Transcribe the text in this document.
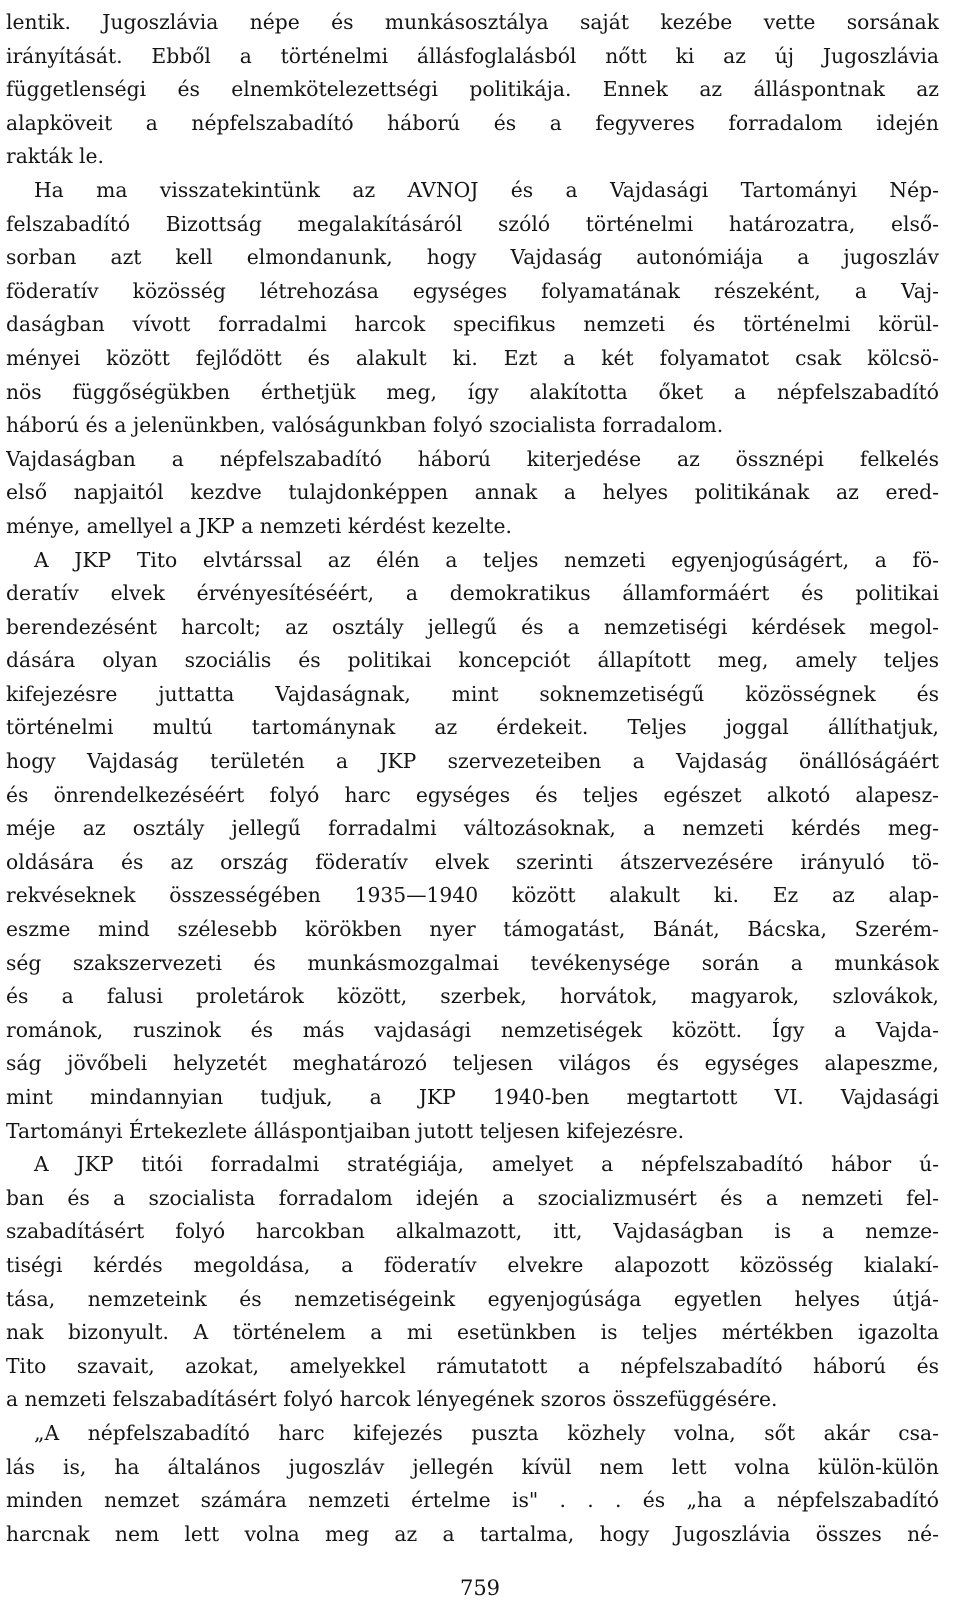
lentik. Jugoszlávia népe és munkásosztálya saját kezébe vette sorsának
irányítását. Ebből a történelmi állásfoglalásból nőtt ki az új Jugoszlávia
függetlenségi és elnemkötelezettségi politikája. Ennek az álláspontnak az
alapköveit a népfelszabadító háború és a fegyveres forradalom idején
rakták le.
Ha ma visszatekintünk az AVNOJ és a Vajdasági Tartományi Nép-
felszabadító Bizottság megalakításáról szóló történelmi határozatra, első-
sorban azt kell elmondanunk, hogy Vajdaság autonómiája a jugoszláv
föderatív közösség létrehozása egységes folyamatának részeként, a Vaj-
daságban vívott forradalmi harcok specifikus nemzeti és történelmi körül-
ményei között fejlődött és alakult ki. Ezt a két folyamatot csak kölcsö-
nös függőségükben érthetjük meg, így alakította őket a népfelszabadító
háború és a jelenünkben, valóságunkban folyó szocialista forradalom.
Vajdaságban a népfelszabadító háború kiterjedése az össznépi felkelés
első napjaitól kezdve tulajdonképpen annak a helyes politikának az ered-
ménye, amellyel a JKP a nemzeti kérdést kezelte.
A JKP Tito elvtárssal az élén a teljes nemzeti egyenjogúságért, a fö-
deratív elvek érvényesítéséért, a demokratikus államformáért és politikai
berendezésént harcolt; az osztály jellegű és a nemzetiségi kérdések megol-
dására olyan szociális és politikai koncepciót állapított meg, amely teljes
kifejezésre juttatta Vajdaságnak, mint soknemzetiségű közösségnek és
történelmi multú tartománynak az érdekeit. Teljes joggal állíthatjuk,
hogy Vajdaság területén a JKP szervezeteiben a Vajdaság önállóságáért
és önrendelkezéséért folyó harc egységes és teljes egészet alkotó alapesz-
méje az osztály jellegű forradalmi változásoknak, a nemzeti kérdés meg-
oldására és az ország föderatív elvek szerinti átszervezésére irányuló tö-
rekvéseknek összességében 1935—1940 között alakult ki. Ez az alap-
eszme mind szélesebb körökben nyer támogatást, Bánát, Bácska, Szerém-
ség szakszervezeti és munkásmozgalmai tevékenysége során a munkások
és a falusi proletárok között, szerbek, horvátok, magyarok, szlovákok,
románok, ruszinok és más vajdasági nemzetiségek között. Így a Vajda-
ság jövőbeli helyzetét meghatározó teljesen világos és egységes alapeszme,
mint mindannyian tudjuk, a JKP 1940-ben megtartott VI. Vajdasági
Tartományi Értekezlete álláspontjaiban jutott teljesen kifejezésre.
A JKP titói forradalmi stratégiája, amelyet a népfelszabadító hábor ú-
ban és a szocialista forradalom idején a szocializmusért és a nemzeti fel-
szabadításért folyó harcokban alkalmazott, itt, Vajdaságban is a nemze-
tiségi kérdés megoldása, a föderatív elvekre alapozott közösség kialakí-
tása, nemzeteink és nemzetiségeink egyenjogúsága egyetlen helyes útjá-
nak bizonyult. A történelem a mi esetünkben is teljes mértékben igazolta
Tito szavait, azokat, amelyekkel rámutatott a népfelszabadító háború és
a nemzeti felszabadításért folyó harcok lényegének szoros összefüggésére.
„A népfelszabadító harc kifejezés puszta közhely volna, sőt akár csa-
lás is, ha általános jugoszláv jellegén kívül nem lett volna külön-külön
minden nemzet számára nemzeti értelme is" . . . és „ha a népfelszabadító
harcnak nem lett volna meg az a tartalma, hogy Jugoszlávia összes né-
759
